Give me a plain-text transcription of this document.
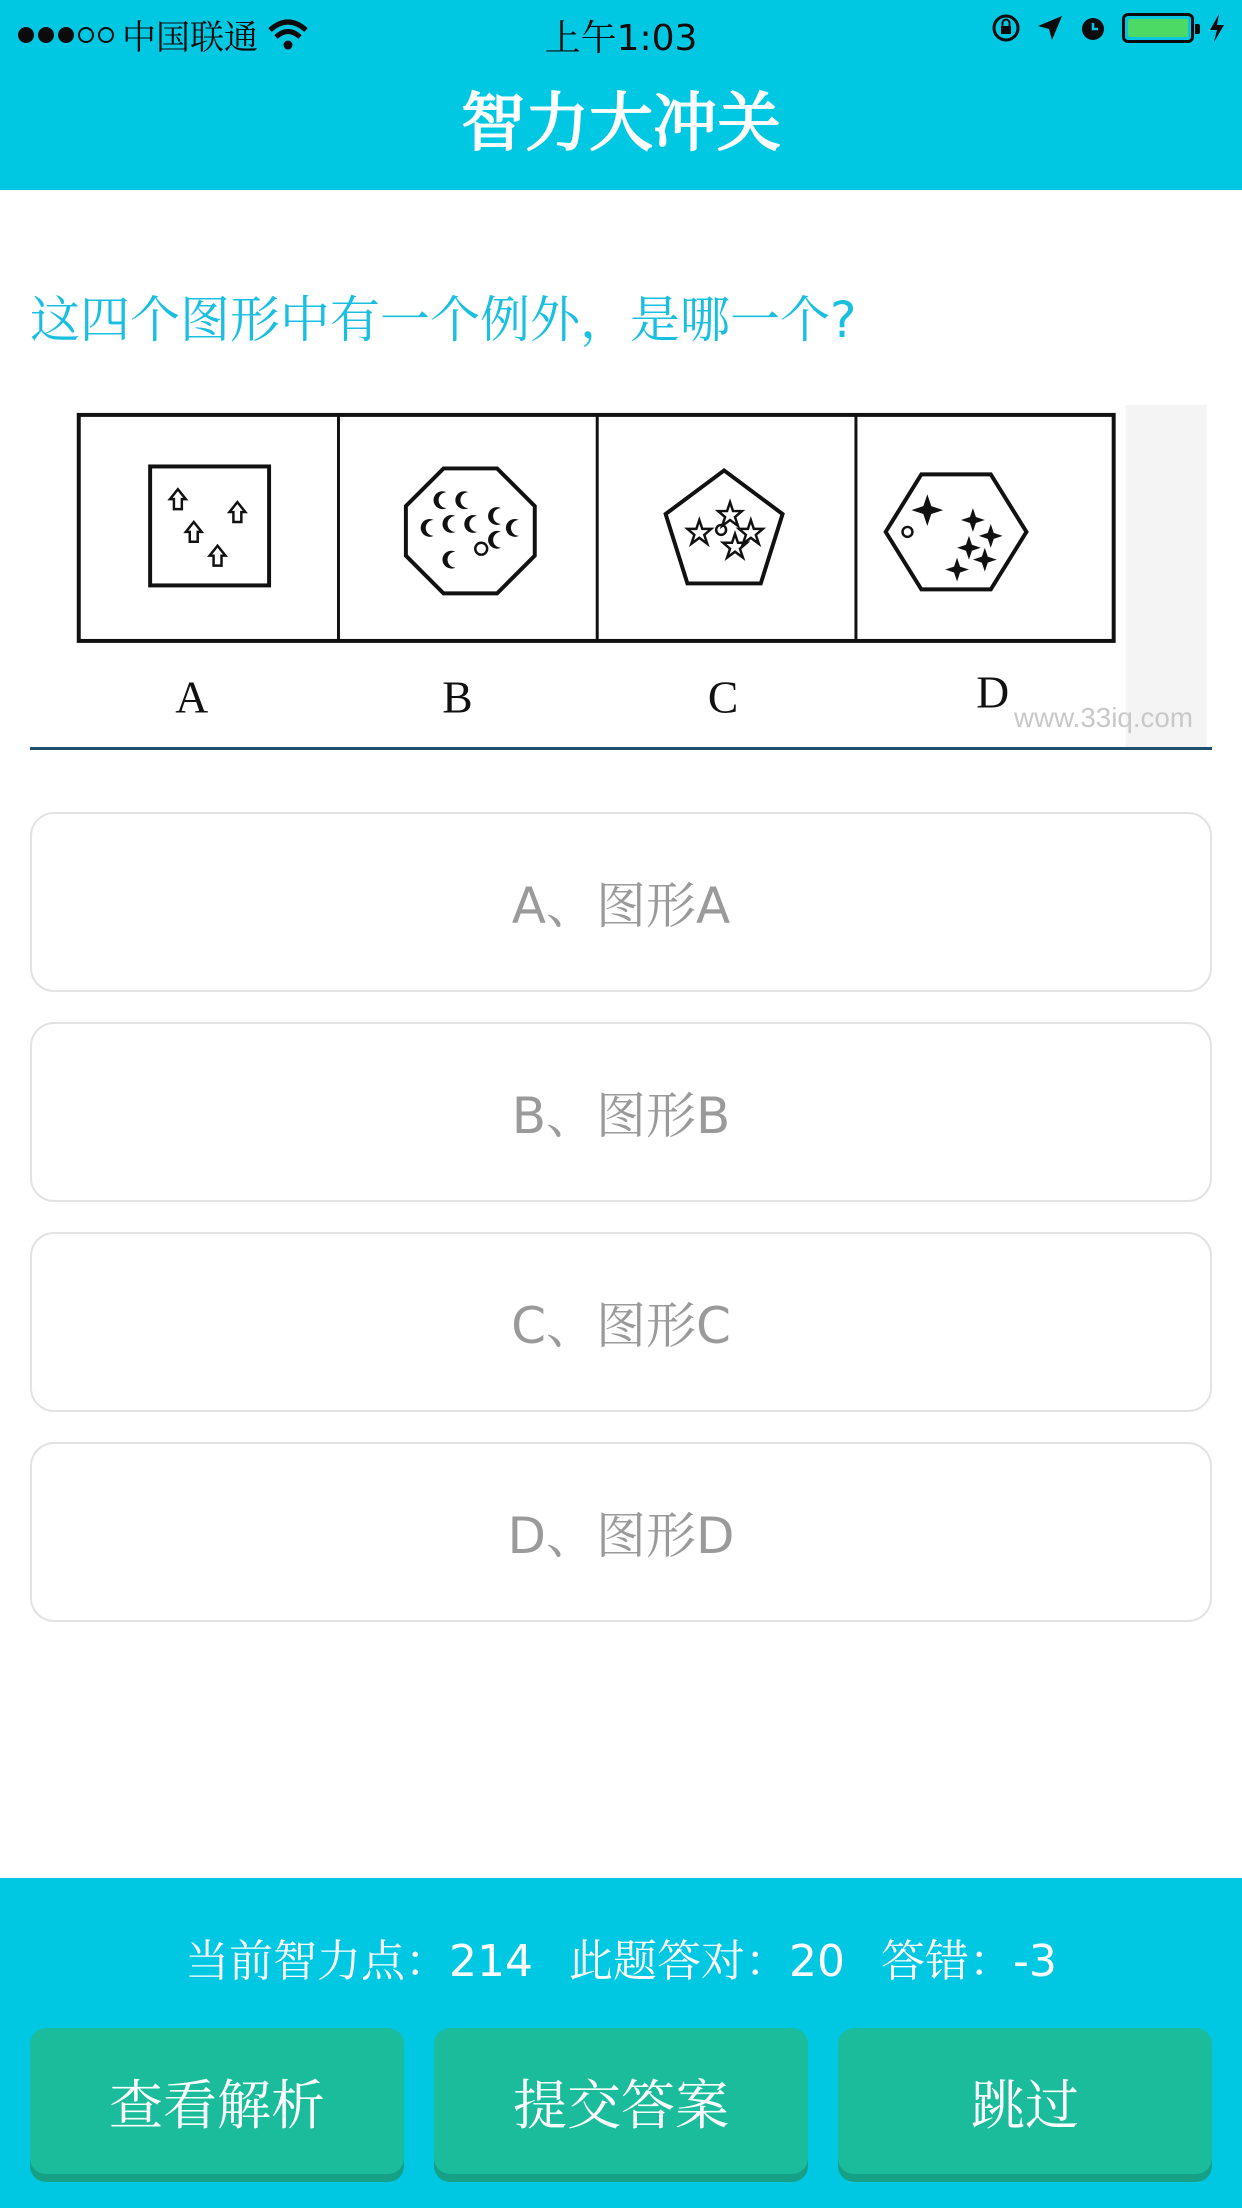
中国联通	上午1:03
智力大冲关
这四个图形中有一个例外，是哪一个?
A	B	C	D
www.33iq.com
A、图形A
B、图形B
C、图形C
D、图形D
当前智力点：214 此题答对：20 答错：-3
查看解析	提交答案	跳过
